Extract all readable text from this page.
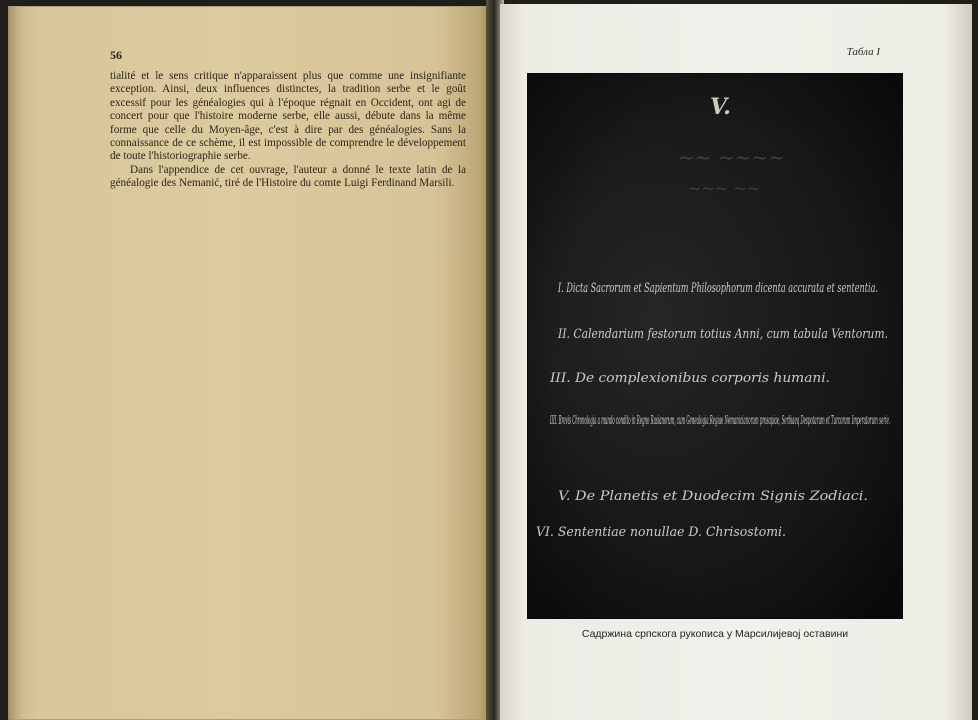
56

tialité et le sens critique n'apparaissent plus que comme une insignifiante exception. Ainsi, deux influences distinctes, la tradition serbe et le goût excessif pour les généalogies qui à l'époque régnait en Occident, ont agi de concert pour que l'histoire moderne serbe, elle aussi, débute dans la même forme que celle du Moyen-âge, c'est à dire par des généalogies. Sans la connaissance de ce schème, il est impossible de comprendre le développement de toute l'historiographie serbe.

Dans l'appendice de cet ouvrage, l'auteur a donné le texte latin de la généalogie des Nemanić, tiré de l'Histoire du comte Luigi Ferdinand Marsili.

Табла I
~~ ~~~~
~~~ ~~
V.
I. Dicta Sacrorum et Sapientum Philosophorum dicenta accurata et sententia.
II. Calendarium festorum totius Anni, cum tabula Ventorum.
III. De complexionibus corporis humani.
IIII. Brevis Chronologia a mundo condito in Regno Rasianorum, cum Genealogia Regiae Nemanicianorum prosapiae, Serbiaeq Despotarum et Turcorum Imperatorum serie.
V. De Planetis et Duodecim Signis Zodiaci.
VI. Sententiae nonullae D. Chrisostomi.
Садржина српскога рукописа у Марсилијевој оставини
